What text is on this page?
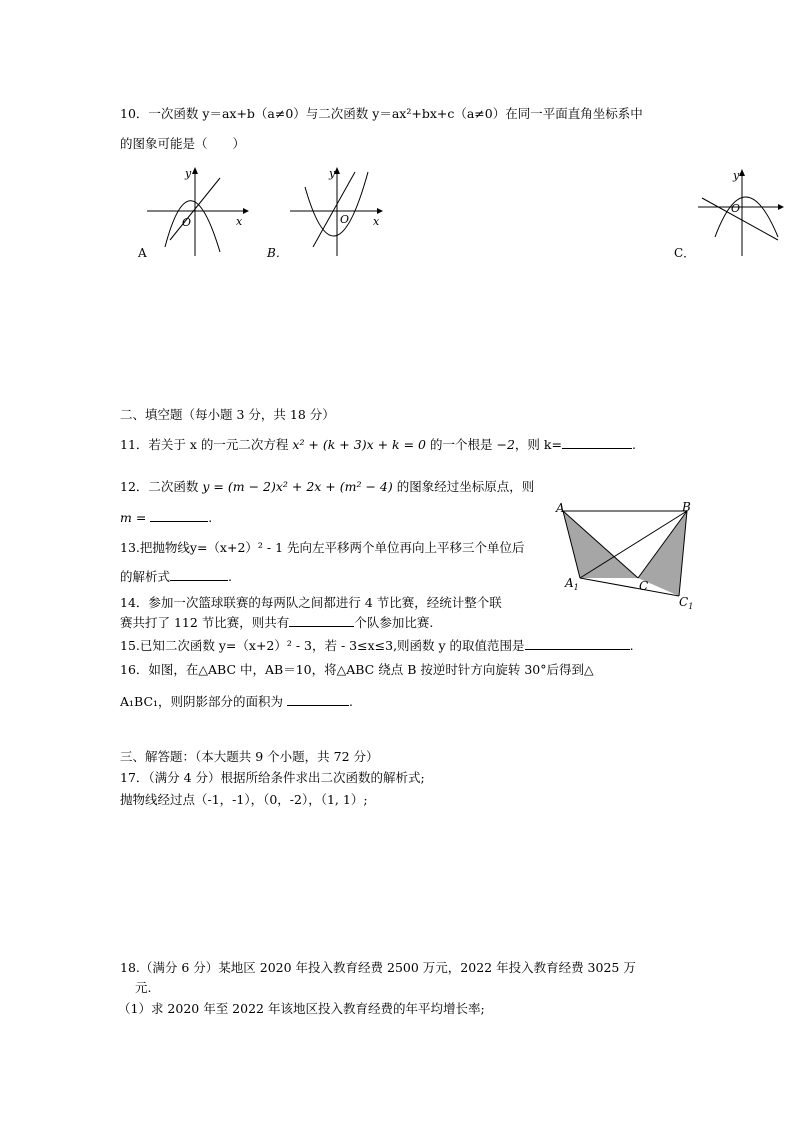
10．一次函数 y＝ax+b（a≠0）与二次函数 y＝ax²+bx+c（a≠0）在同一平面直角坐标系中
的图象可能是（　　）
y
x
O
A
y
x
O
B．
y
O
C．
二、填空题（每小题 3 分，共 18 分）
11．若关于 x 的一元二次方程 x² + (k + 3)x + k = 0 的一个根是 −2，则 k=	.
12．二次函数 y = (m − 2)x² + 2x + (m² − 4) 的图象经过坐标原点，则
m =	.
13.把抛物线y=（x+2）² - 1 先向左平移两个单位再向上平移三个单位后
的解析式	.
14．参加一次篮球联赛的每两队之间都进行 4 节比赛，经统计整个联
赛共打了 112 节比赛，则共有	个队参加比赛.
15.已知二次函数 y=（x+2）² - 3，若 - 3≤x≤3,则函数 y 的取值范围是	.
16．如图，在△ABC 中，AB＝10，将△ABC 绕点 B 按逆时针方向旋转 30°后得到△
A₁BC₁，则阴影部分的面积为	.
A	B
$A_1$	C
$C_1$
三、解答题：（本大题共 9 个小题，共 72 分）
17．（满分 4 分）根据所给条件求出二次函数的解析式;
抛物线经过点（-1，-1），（0，-2），（1, 1）;
18.（满分 6 分）某地区 2020 年投入教育经费 2500 万元，2022 年投入教育经费 3025 万
元.
（1）求 2020 年至 2022 年该地区投入教育经费的年平均增长率;
